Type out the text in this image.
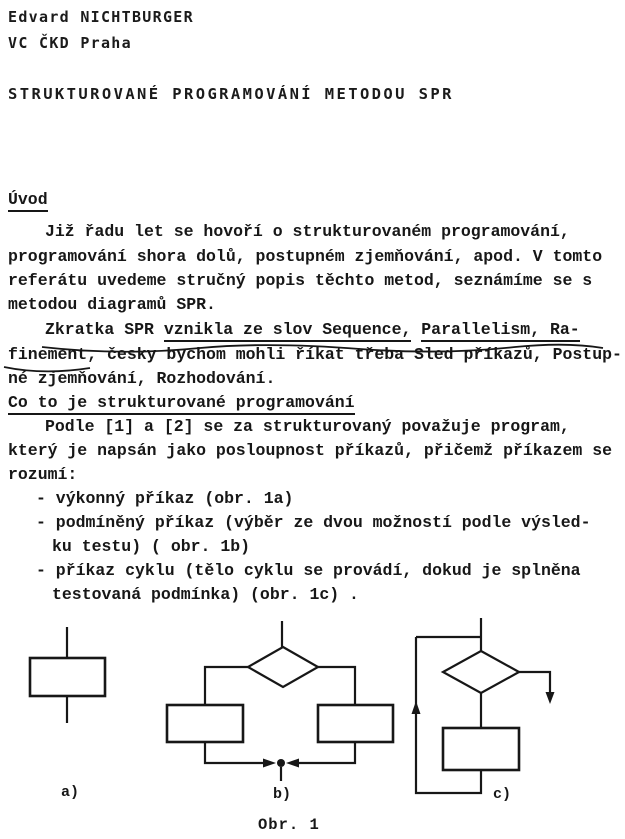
Edvard NICHTBURGER
VC ČKD Praha
STRUKTUROVANÉ PROGRAMOVÁNÍ METODOU SPR
Úvod
Již řadu let se hovoří o strukturovaném programování,
programování shora dolů, postupném zjemňování, apod. V tomto
referátu uvedeme stručný popis těchto metod, seznámíme se s
metodou diagramů SPR.
Zkratka SPR vznikla ze slov Sequence, Parallelism, Ra-
finement, česky bychom mohli říkat třeba Sled příkazů, Postup-
né zjemňování, Rozhodování.
Co to je strukturované programování
Podle [1] a [2] se za strukturovaný považuje program,
který je napsán jako posloupnost příkazů, přičemž příkazem se
rozumí:
- výkonný příkaz (obr. 1a)
- podmíněný příkaz (výběr ze dvou možností podle výsled-
ku testu) ( obr. 1b)
- příkaz cyklu (tělo cyklu se provádí, dokud je splněna
testovaná podmínka) (obr. 1c) .
a)	b)	c)
Obr. 1
